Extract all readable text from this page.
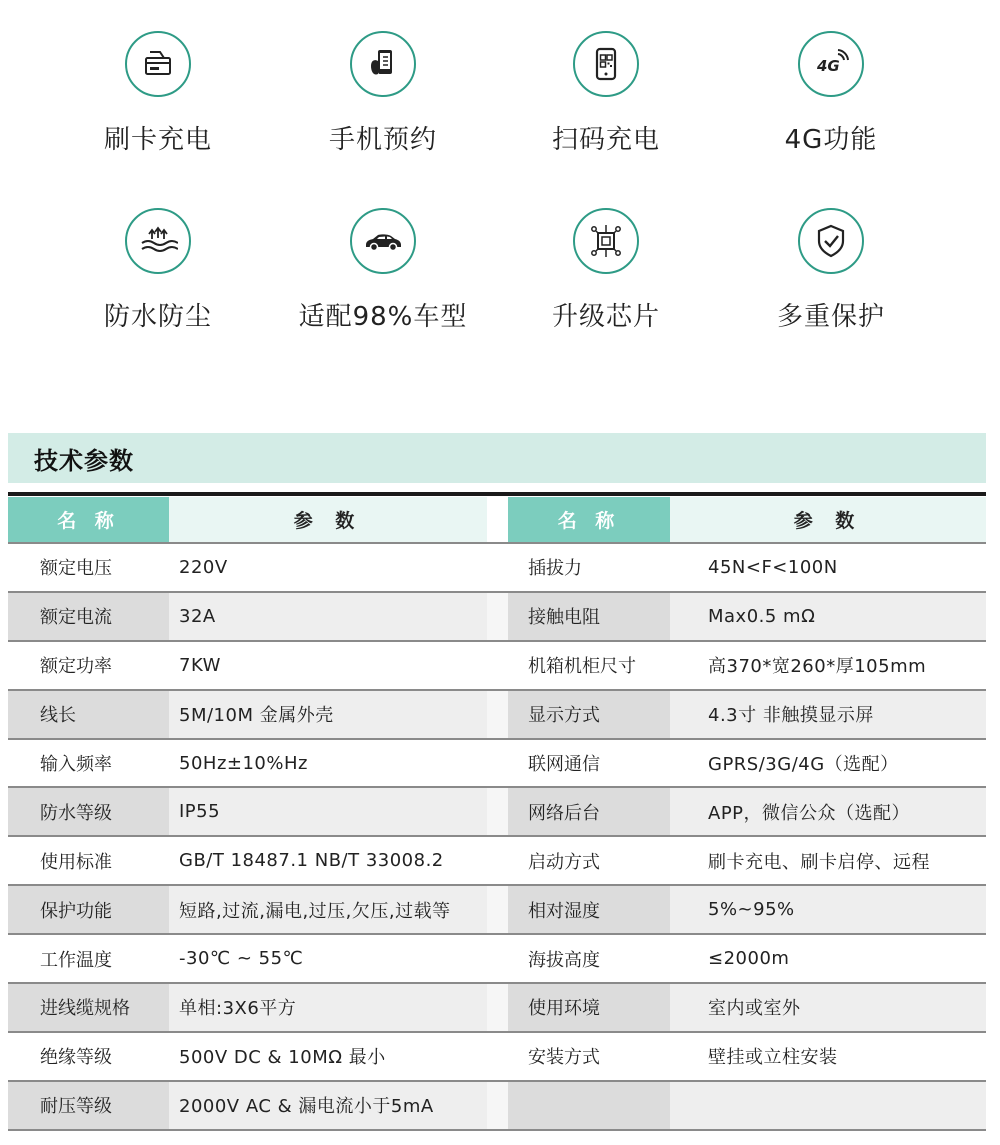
刷卡充电	手机预约	扫码充电
4G
4G功能
防水防尘	适配98%车型	升级芯片	多重保护
技术参数
名 称	参 数	名 称	参 数
额定电压	220V	插拔力	45N<F<100N
额定电流	32A	接触电阻	Max0.5 mΩ
额定功率	7KW	机箱机柜尺寸	高370*宽260*厚105mm
线长	5M/10M 金属外壳	显示方式	4.3寸 非触摸显示屏
输入频率	50Hz±10%Hz	联网通信	GPRS/3G/4G（选配）
防水等级	IP55	网络后台	APP，微信公众（选配）
使用标准	GB/T 18487.1 NB/T 33008.2	启动方式	刷卡充电、刷卡启停、远程
保护功能	短路,过流,漏电,过压,欠压,过载等	相对湿度	5%~95%
工作温度	-30℃ ~ 55℃	海拔高度	≤2000m
进线缆规格	单相:3X6平方	使用环境	室内或室外
绝缘等级	500V DC & 10MΩ 最小	安装方式	壁挂或立柱安装
耐压等级	2000V AC & 漏电流小于5mA
